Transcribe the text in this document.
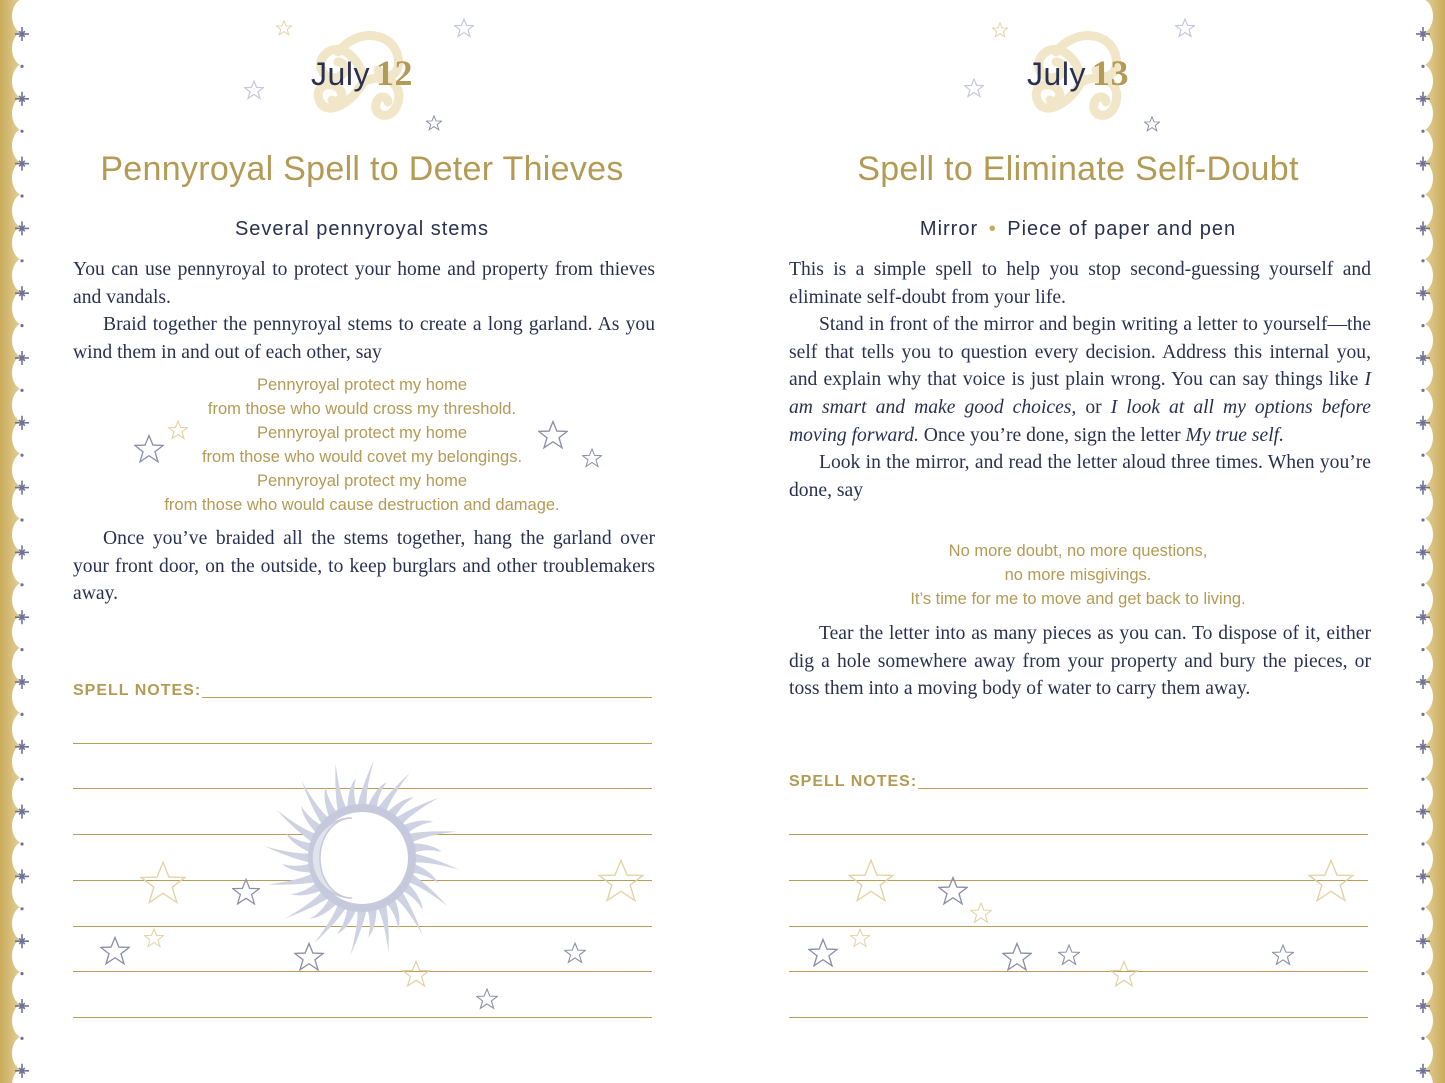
July 12
Pennyroyal Spell to Deter Thieves
Several pennyroyal stems

You can use pennyroyal to protect your home and property from thieves and vandals.

Braid together the pennyroyal stems to create a long garland. As you wind them in and out of each other, say

Pennyroyal protect my home
from those who would cross my threshold.
Pennyroyal protect my home
from those who would covet my belongings.
Pennyroyal protect my home
from those who would cause destruction and damage.

Once you’ve braided all the stems together, hang the garland over your front door, on the outside, to keep burglars and other troublemakers away.

SPELL NOTES:
July 13
Spell to Eliminate Self-Doubt
Mirror • Piece of paper and pen

This is a simple spell to help you stop second-guessing yourself and eliminate self-doubt from your life.

Stand in front of the mirror and begin writing a letter to yourself—the self that tells you to question every decision. Address this internal you, and explain why that voice is just plain wrong. You can say things like I am smart and make good choices, or I look at all my options before moving forward. Once you’re done, sign the letter My true self.

Look in the mirror, and read the letter aloud three times. When you’re done, say

No more doubt, no more questions,
no more misgivings.
It’s time for me to move and get back to living.

Tear the letter into as many pieces as you can. To dispose of it, either dig a hole somewhere away from your property and bury the pieces, or toss them into a moving body of water to carry them away.

SPELL NOTES:
